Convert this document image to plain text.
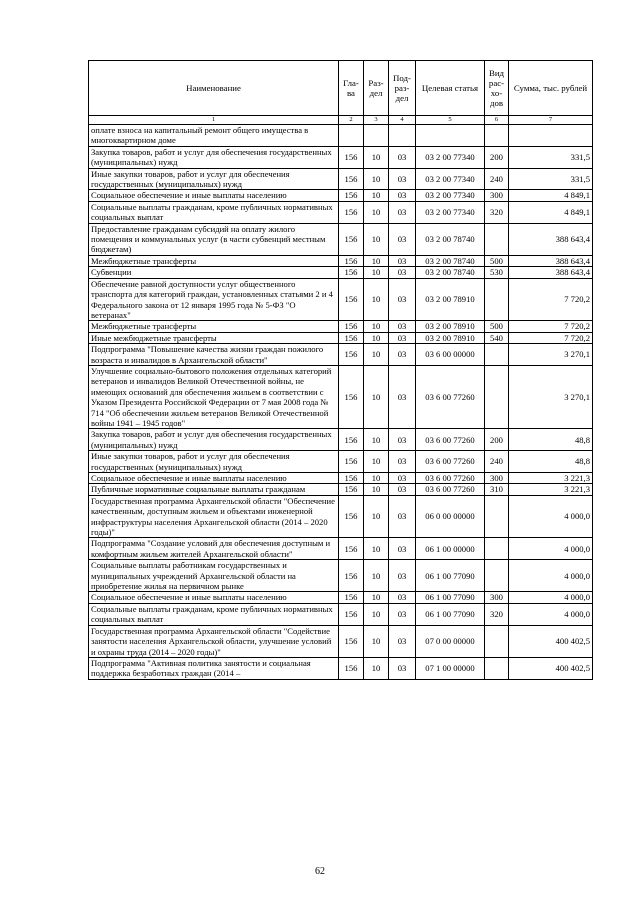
Наименование	Гла-ва	Раз-дел	Под-раз-дел	Целевая статья	Вид рас-хо-дов	Сумма, тыс. рублей
1	2	3	4	5	6	7
оплате взноса на капитальный ремонт общего имущества в многоквартирном доме						
Закупка товаров, работ и услуг для обеспечения государственных (муниципальных) нужд	156	10	03	03 2 00 77340	200	331,5
Иные закупки товаров, работ и услуг для обеспечения государственных (муниципальных) нужд	156	10	03	03 2 00 77340	240	331,5
Социальное обеспечение и иные выплаты населению	156	10	03	03 2 00 77340	300	4 849,1
Социальные выплаты гражданам, кроме публичных нормативных социальных выплат	156	10	03	03 2 00 77340	320	4 849,1
Предоставление гражданам субсидий на оплату жилого помещения и коммунальных услуг (в части субвенций местным бюджетам)	156	10	03	03 2 00 78740		388 643,4
Межбюджетные трансферты	156	10	03	03 2 00 78740	500	388 643,4
Субвенции	156	10	03	03 2 00 78740	530	388 643,4
Обеспечение равной доступности услуг общественного транспорта для категорий граждан, установленных статьями 2 и 4 Федерального закона от 12 января 1995 года № 5-ФЗ "О ветеранах"	156	10	03	03 2 00 78910		7 720,2
Межбюджетные трансферты	156	10	03	03 2 00 78910	500	7 720,2
Иные межбюджетные трансферты	156	10	03	03 2 00 78910	540	7 720,2
Подпрограмма "Повышение качества жизни граждан пожилого возраста и инвалидов в Архангельской области"	156	10	03	03 6 00 00000		3 270,1
Улучшение социально-бытового положения отдельных категорий ветеранов и инвалидов Великой Отечественной войны, не имеющих оснований для обеспечения жильем в соответствии с Указом Президента Российской Федерации от 7 мая 2008 года № 714 "Об обеспечении жильем ветеранов Великой Отечественной войны 1941 – 1945 годов"	156	10	03	03 6 00 77260		3 270,1
Закупка товаров, работ и услуг для обеспечения государственных (муниципальных) нужд	156	10	03	03 6 00 77260	200	48,8
Иные закупки товаров, работ и услуг для обеспечения государственных (муниципальных) нужд	156	10	03	03 6 00 77260	240	48,8
Социальное обеспечение и иные выплаты населению	156	10	03	03 6 00 77260	300	3 221,3
Публичные нормативные социальные выплаты гражданам	156	10	03	03 6 00 77260	310	3 221,3
Государственная программа Архангельской области "Обеспечение качественным, доступным жильем и объектами инженерной инфраструктуры населения Архангельской области (2014 – 2020 годы)"	156	10	03	06 0 00 00000		4 000,0
Подпрограмма "Создание условий для обеспечения доступным и комфортным жильем жителей Архангельской области"	156	10	03	06 1 00 00000		4 000,0
Социальные выплаты работникам государственных и муниципальных учреждений Архангельской области на приобретение жилья на первичном рынке	156	10	03	06 1 00 77090		4 000,0
Социальное обеспечение и иные выплаты населению	156	10	03	06 1 00 77090	300	4 000,0
Социальные выплаты гражданам, кроме публичных нормативных социальных выплат	156	10	03	06 1 00 77090	320	4 000,0
Государственная программа Архангельской области "Содействие занятости населения Архангельской области, улучшение условий и охраны труда (2014 – 2020 годы)"	156	10	03	07 0 00 00000		400 402,5
Подпрограмма "Активная политика занятости и социальная поддержка безработных граждан (2014 –	156	10	03	07 1 00 00000		400 402,5
62
